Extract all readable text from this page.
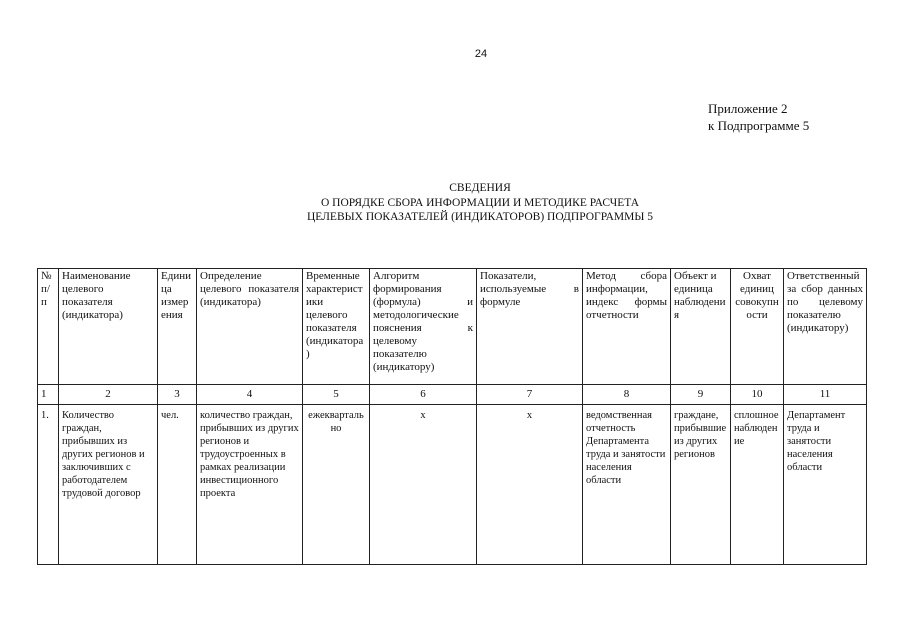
24
Приложение 2
к Подпрограмме 5
СВЕДЕНИЯ
О ПОРЯДКЕ СБОРА ИНФОРМАЦИИ И МЕТОДИКЕ РАСЧЕТА
ЦЕЛЕВЫХ ПОКАЗАТЕЛЕЙ (ИНДИКАТОРОВ) ПОДПРОГРАММЫ 5
№ п/п	Наименование целевого показателя (индикатора)	Единица измерения	Определение целевого показателя (индикатора)	Временные характеристики целевого показателя (индикатора)	Алгоритм формирования (формула) и методологические пояснения к целевому показателю (индикатору)	Показатели, используемые в формуле	Метод сбора информации, индекс формы отчетности	Объект и единица наблюдения	Охват единиц совокупности	Ответственный за сбор данных по целевому показателю (индикатору)
1	2	3	4	5	6	7	8	9	10	11
1.	Количество граждан, прибывших из других регионов и заключивших с работодателем трудовой договор	чел.	количество граждан, прибывших из других регионов и трудоустроенных в рамках реализации инвестиционного проекта	ежеквартально	x	x	ведомственная отчетность Департамента труда и занятости населения области	граждане, прибывшие из других регионов	сплошное наблюдение	Департамент труда и занятости населения области
